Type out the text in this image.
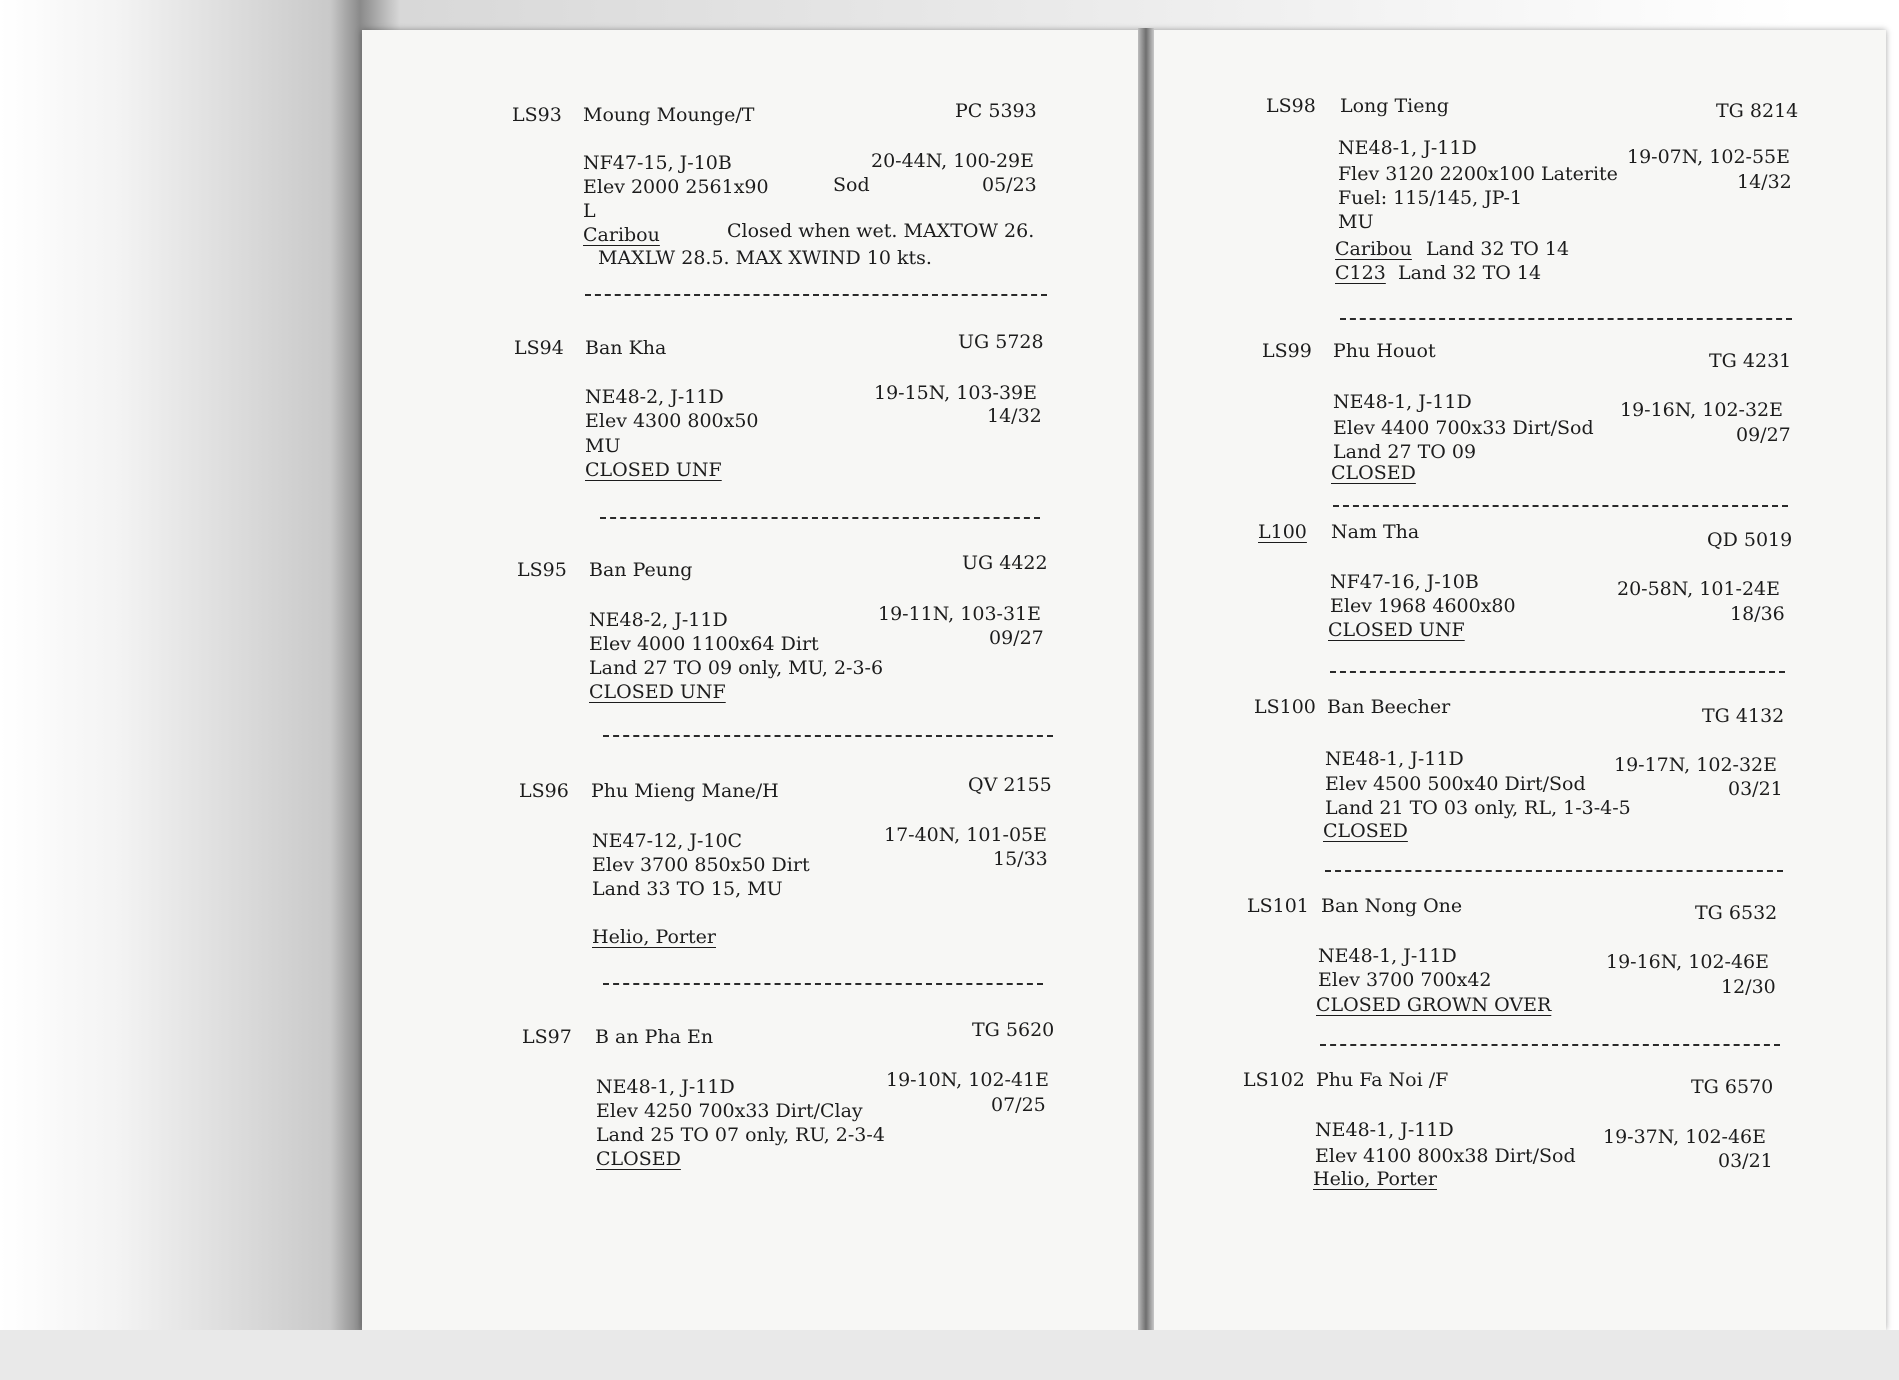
LS93 Moung Mounge/T	PC 5393
NF47-15, J-10B	20-44N, 100-29E
Elev 2000 2561x90	Sod	05/23
L
Caribou	Closed when wet. MAXTOW 26.
MAXLW 28.5. MAX XWIND 10 kts.
LS94 Ban Kha	UG 5728
NE48-2, J-11D	19-15N, 103-39E
Elev 4300 800x50	14/32
MU
CLOSED UNF
LS95 Ban Peung	UG 4422
NE48-2, J-11D	19-11N, 103-31E
Elev 4000 1100x64 Dirt	09/27
Land 27 TO 09 only, MU, 2-3-6
CLOSED UNF
LS96 Phu Mieng Mane/H	QV 2155
NE47-12, J-10C	17-40N, 101-05E
Elev 3700 850x50 Dirt	15/33
Land 33 TO 15, MU
Helio, Porter
LS97 B an Pha En	TG 5620
NE48-1, J-11D	19-10N, 102-41E
Elev 4250 700x33 Dirt/Clay	07/25
Land 25 TO 07 only, RU, 2-3-4
CLOSED
LS98 Long Tieng	TG 8214
NE48-1, J-11D	19-07N, 102-55E
Flev 3120 2200x100 Laterite	14/32
Fuel: 115/145, JP-1
MU
Caribou Land 32 TO 14
C123 Land 32 TO 14
LS99 Phu Houot	TG 4231
NE48-1, J-11D	19-16N, 102-32E
Elev 4400 700x33 Dirt/Sod	09/27
Land 27 TO 09
CLOSED
L100 Nam Tha	QD 5019
NF47-16, J-10B	20-58N, 101-24E
Elev 1968 4600x80	18/36
CLOSED UNF
LS100 Ban Beecher	TG 4132
NE48-1, J-11D	19-17N, 102-32E
Elev 4500 500x40 Dirt/Sod	03/21
Land 21 TO 03 only, RL, 1-3-4-5
CLOSED
LS101 Ban Nong One	TG 6532
NE48-1, J-11D	19-16N, 102-46E
Elev 3700 700x42	12/30
CLOSED GROWN OVER
LS102 Phu Fa Noi /F	TG 6570
NE48-1, J-11D	19-37N, 102-46E
Elev 4100 800x38 Dirt/Sod	03/21
Helio, Porter
